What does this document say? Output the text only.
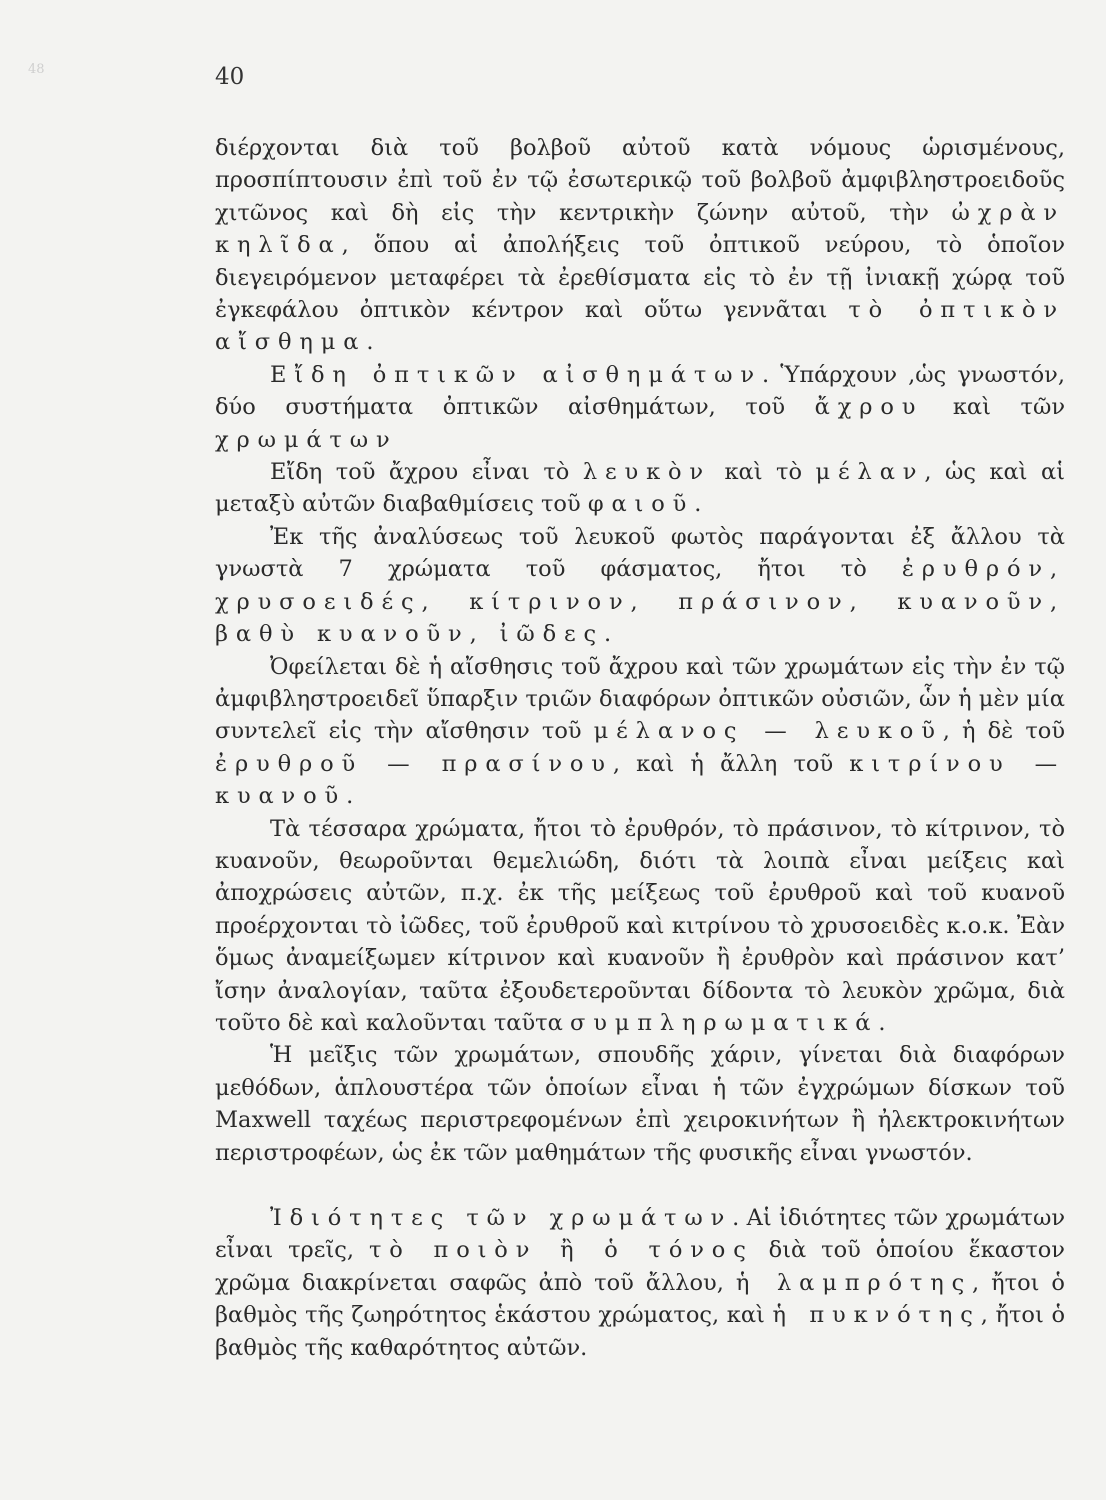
48	40

διέρχονται διὰ τοῦ βολβοῦ αὐτοῦ κατὰ νόμους ὡρισμένους, προσπίπτουσιν ἐπὶ τοῦ ἐν τῷ ἐσωτερικῷ τοῦ βολβοῦ ἀμφιβληστροειδοῦς χιτῶνος καὶ δὴ εἰς τὴν κεντρικὴν ζώνην αὐτοῦ, τὴν ὠχρὰν κηλῖδα, ὅπου αἱ ἀπολήξεις τοῦ ὀπτικοῦ νεύρου, τὸ ὁποῖον διεγειρόμενον μεταφέρει τὰ ἐρεθίσματα εἰς τὸ ἐν τῇ ἰνιακῇ χώρᾳ τοῦ ἐγκεφάλου ὀπτικὸν κέντρον καὶ οὕτω γεννᾶται τὸ ὀπτικὸν αἴσθημα.

Εἴδη ὀπτικῶν αἰσθημάτων. Ὑπάρχουν ,ὡς γνωστόν, δύο συστήματα ὀπτικῶν αἰσθημάτων, τοῦ ἄχρου καὶ τῶν χρωμάτων

Εἴδη τοῦ ἄχρου εἶναι τὸ λευκὸν καὶ τὸ μέλαν, ὡς καὶ αἱ μεταξὺ αὐτῶν διαβαθμίσεις τοῦ φαιοῦ.

Ἐκ τῆς ἀναλύσεως τοῦ λευκοῦ φωτὸς παράγονται ἐξ ἄλλου τὰ γνωστὰ 7 χρώματα τοῦ φάσματος, ἤτοι τὸ ἐρυθρόν, χρυσοειδές, κίτρινον, πράσινον, κυανοῦν, βαθὺ κυανοῦν, ἰῶδες.

Ὀφείλεται δὲ ἡ αἴσθησις τοῦ ἄχρου καὶ τῶν χρωμάτων εἰς τὴν ἐν τῷ ἀμφιβληστροειδεῖ ὕπαρξιν τριῶν διαφόρων ὀπτικῶν οὐσιῶν, ὧν ἡ μὲν μία συντελεῖ εἰς τὴν αἴσθησιν τοῦ μέλανος — λευκοῦ, ἡ δὲ τοῦ ἐρυθροῦ — πρασίνου, καὶ ἡ ἄλλη τοῦ κιτρίνου — κυανοῦ.

Τὰ τέσσαρα χρώματα, ἤτοι τὸ ἐρυθρόν, τὸ πράσινον, τὸ κίτρινον, τὸ κυανοῦν, θεωροῦνται θεμελιώδη, διότι τὰ λοιπὰ εἶναι μείξεις καὶ ἀποχρώσεις αὐτῶν, π.χ. ἐκ τῆς μείξεως τοῦ ἐρυθροῦ καὶ τοῦ κυανοῦ προέρχονται τὸ ἰῶδες, τοῦ ἐρυθροῦ καὶ κιτρίνου τὸ χρυσοειδὲς κ.ο.κ. Ἐὰν ὅμως ἀναμείξωμεν κίτρινον καὶ κυανοῦν ἢ ἐρυθρὸν καὶ πράσινον κατ’ ἴσην ἀναλογίαν, ταῦτα ἐξουδετεροῦνται δίδοντα τὸ λευκὸν χρῶμα, διὰ τοῦτο δὲ καὶ καλοῦνται ταῦτα συμπληρωματικά.

Ἡ μεῖξις τῶν χρωμάτων, σπουδῆς χάριν, γίνεται διὰ διαφόρων μεθόδων, ἁπλουστέρα τῶν ὁποίων εἶναι ἡ τῶν ἐγχρώμων δίσκων τοῦ Maxwell ταχέως περιστρεφομένων ἐπὶ χειροκινήτων ἢ ἠλεκτροκινήτων περιστροφέων, ὡς ἐκ τῶν μαθημάτων τῆς φυσικῆς εἶναι γνωστόν.

Ἰδιότητες τῶν χρωμάτων. Αἱ ἰδιότητες τῶν χρωμάτων εἶναι τρεῖς, τὸ ποιὸν ἢ ὁ τόνος διὰ τοῦ ὁποίου ἕκαστον χρῶμα διακρίνεται σαφῶς ἀπὸ τοῦ ἄλλου, ἡ λαμπρότης, ἤτοι ὁ βαθμὸς τῆς ζωηρότητος ἑκάστου χρώματος, καὶ ἡ πυκνότης, ἤτοι ὁ βαθμὸς τῆς καθαρότητος αὐτῶν.
